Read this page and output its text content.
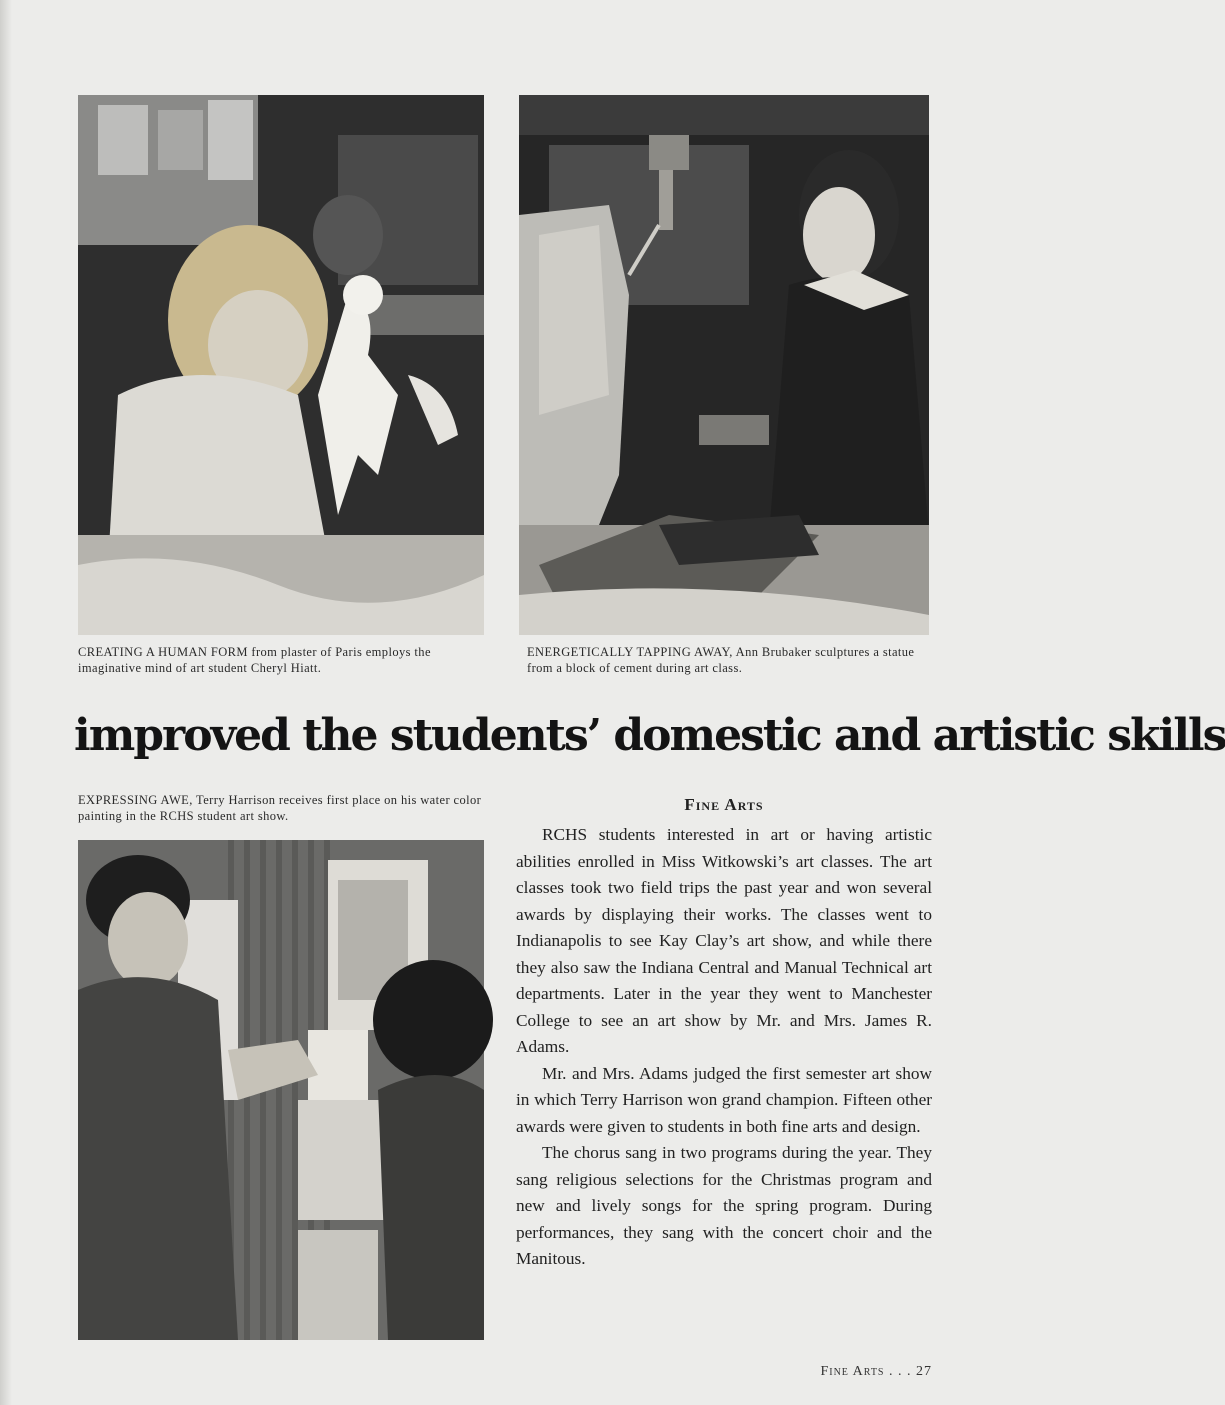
CREATING A HUMAN FORM from plaster of Paris employs the imaginative mind of art student Cheryl Hiatt.

ENERGETICALLY TAPPING AWAY, Ann Brubaker sculptures a statue from a block of cement during art class.

improved the students’ domestic and artistic skills

EXPRESSING AWE, Terry Harrison receives first place on his water color painting in the RCHS student art show.

Fine Arts

RCHS students interested in art or having artistic abilities enrolled in Miss Witkowski’s art classes. The art classes took two field trips the past year and won several awards by displaying their works. The classes went to Indianapolis to see Kay Clay’s art show, and while there they also saw the Indiana Central and Manual Technical art departments. Later in the year they went to Manchester College to see an art show by Mr. and Mrs. James R. Adams.

Mr. and Mrs. Adams judged the first semester art show in which Terry Harrison won grand champion. Fifteen other awards were given to students in both fine arts and design.

The chorus sang in two programs during the year. They sang religious selections for the Christmas program and new and lively songs for the spring program. During performances, they sang with the concert choir and the Manitous.

Fine Arts . . . 27
